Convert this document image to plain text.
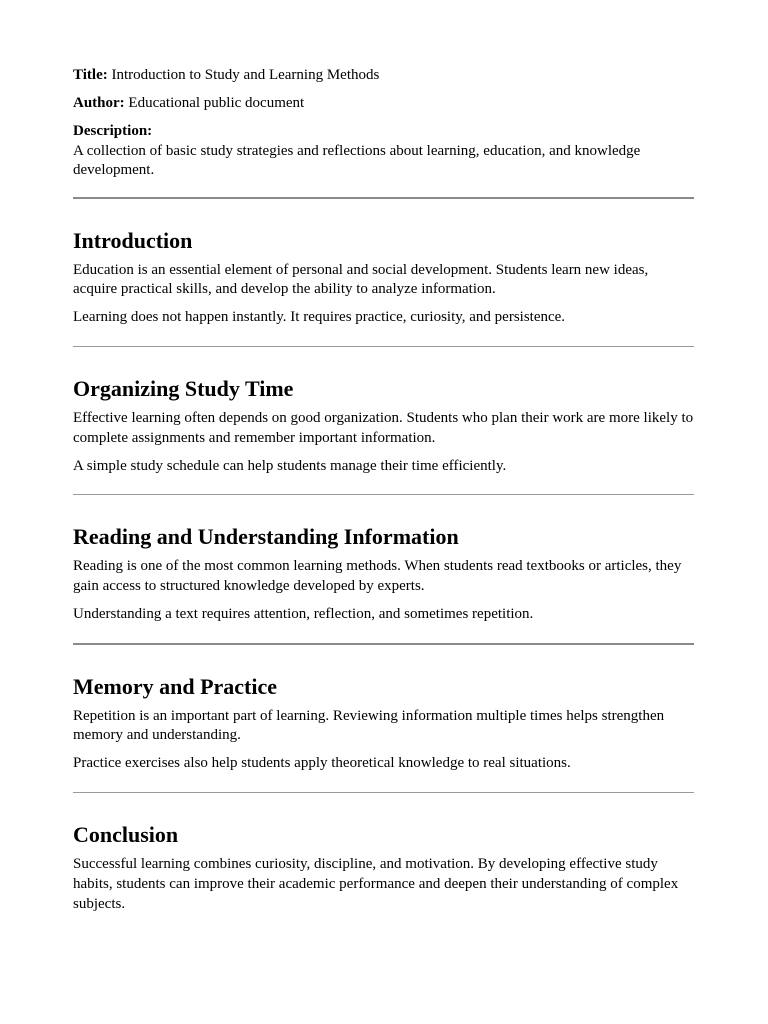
Title: Introduction to Study and Learning Methods

Author: Educational public document

Description:
A collection of basic study strategies and reflections about learning, education, and knowledge development.

Introduction

Education is an essential element of personal and social development. Students learn new ideas, acquire practical skills, and develop the ability to analyze information.

Learning does not happen instantly. It requires practice, curiosity, and persistence.

Organizing Study Time

Effective learning often depends on good organization. Students who plan their work are more likely to complete assignments and remember important information.

A simple study schedule can help students manage their time efficiently.

Reading and Understanding Information

Reading is one of the most common learning methods. When students read textbooks or articles, they gain access to structured knowledge developed by experts.

Understanding a text requires attention, reflection, and sometimes repetition.

Memory and Practice

Repetition is an important part of learning. Reviewing information multiple times helps strengthen memory and understanding.

Practice exercises also help students apply theoretical knowledge to real situations.

Conclusion

Successful learning combines curiosity, discipline, and motivation. By developing effective study habits, students can improve their academic performance and deepen their understanding of complex subjects.
